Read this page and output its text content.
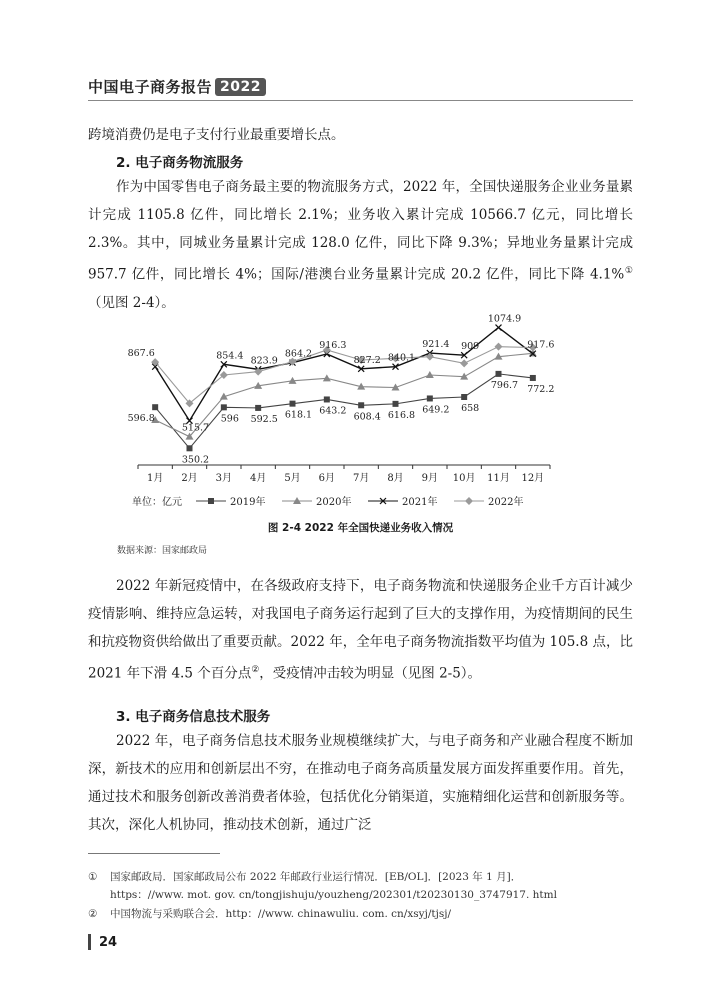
中国电子商务报告 2022
跨境消费仍是电子支付行业最重要增长点。
2. 电子商务物流服务
作为中国零售电子商务最主要的物流服务方式，2022 年，全国快递服务企业业务量累计完成 1105.8 亿件，同比增长 2.1%；业务收入累计完成 10566.7 亿元，同比增长 2.3%。其中，同城业务量累计完成 128.0 亿件，同比下降 9.3%；异地业务量累计完成 957.7 亿件，同比增长 4%；国际/港澳台业务量累计完成 20.2 亿件，同比下降 4.1%①（见图 2-4）。
867.6
596.8
515.7
350.2
854.4
596
823.9
592.5
864.2
618.1
916.3
643.2
827.2
608.4
840.1
616.8
921.4
649.2
909
658
1074.9
796.7
917.6
772.2
1月 2月 3月 4月 5月 6月 7月 8月 9月 10月 11月 12月
单位：亿元	2019年	2020年	2021年	2022年
图 2-4 2022 年全国快递业务收入情况
数据来源：国家邮政局
2022 年新冠疫情中，在各级政府支持下，电子商务物流和快递服务企业千方百计减少疫情影响、维持应急运转，对我国电子商务运行起到了巨大的支撑作用，为疫情期间的民生和抗疫物资供给做出了重要贡献。2022 年，全年电子商务物流指数平均值为 105.8 点，比 2021 年下滑 4.5 个百分点②，受疫情冲击较为明显（见图 2-5）。
3. 电子商务信息技术服务
2022 年，电子商务信息技术服务业规模继续扩大，与电子商务和产业融合程度不断加深，新技术的应用和创新层出不穷，在推动电子商务高质量发展方面发挥重要作用。首先，通过技术和服务创新改善消费者体验，包括优化分销渠道，实施精细化运营和创新服务等。其次，深化人机协同，推动技术创新，通过广泛
① 国家邮政局．国家邮政局公布 2022 年邮政行业运行情况．[EB/OL]．[2023 年 1 月]．
https：//www. mot. gov. cn/tongjishuju/youzheng/202301/t20230130_3747917. html
② 中国物流与采购联合会．http：//www. chinawuliu. com. cn/xsyj/tjsj/
24
